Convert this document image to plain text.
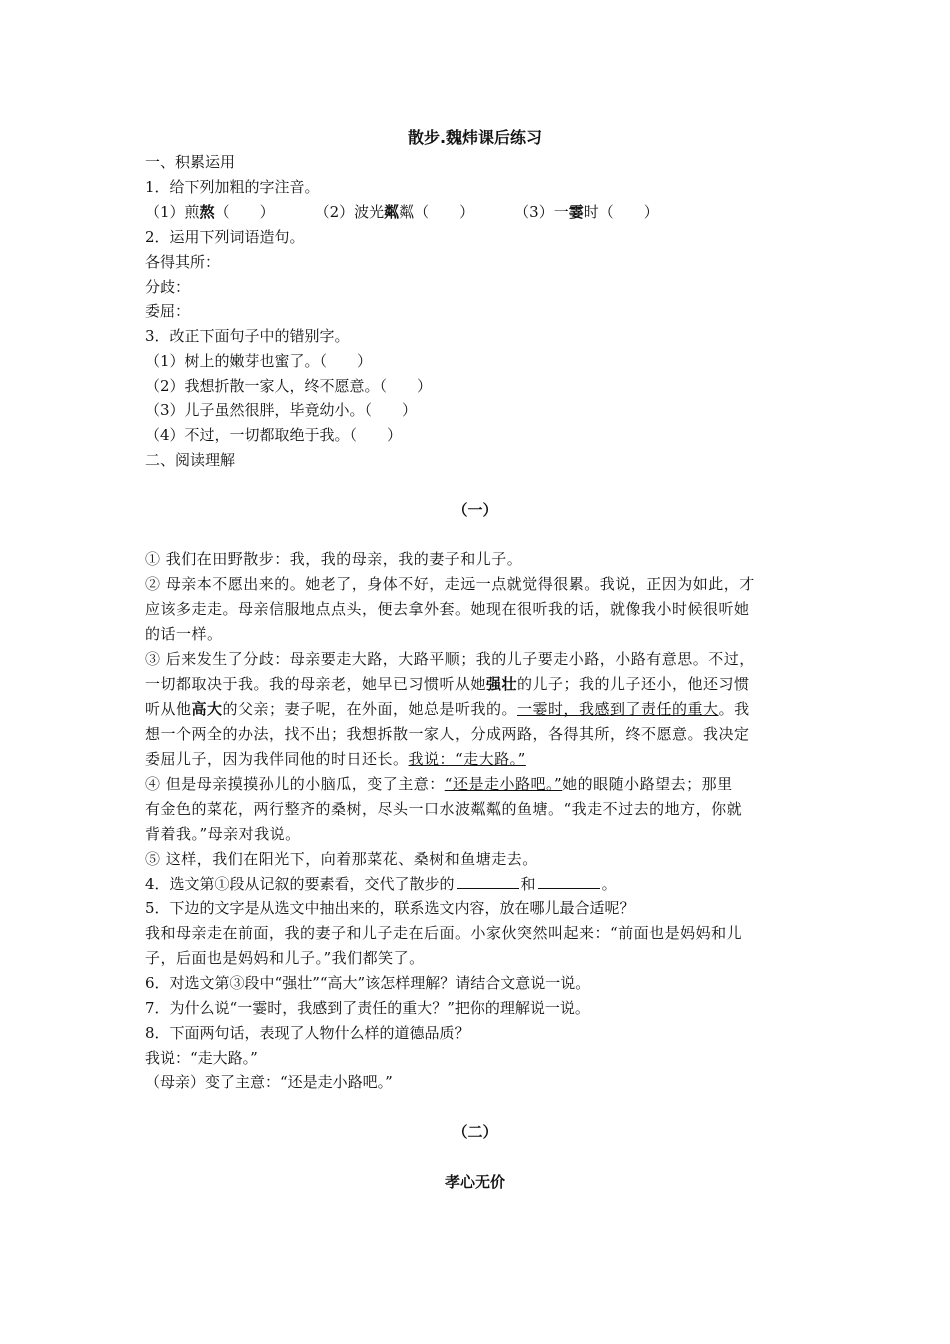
散步.魏炜课后练习
一、积累运用
1．给下列加粗的字注音。
（1）煎熬（　　）	（2）波光粼粼（　　）	（3）一霎时（　　）
2．运用下列词语造句。
各得其所：
分歧：
委屈：
3．改正下面句子中的错别字。
（1）树上的嫩芽也蜜了。（　　）
（2）我想折散一家人，终不愿意。（　　）
（3）儿子虽然很胖，毕竟幼小。（　　）
（4）不过，一切都取绝于我。（　　）
二、阅读理解
（一）
① 我们在田野散步：我，我的母亲，我的妻子和儿子。
② 母亲本不愿出来的。她老了，身体不好，走远一点就觉得很累。我说，正因为如此，才
应该多走走。母亲信服地点点头，便去拿外套。她现在很听我的话，就像我小时候很听她
的话一样。
③ 后来发生了分歧：母亲要走大路，大路平顺；我的儿子要走小路，小路有意思。不过，
一切都取决于我。我的母亲老，她早已习惯听从她强壮的儿子；我的儿子还小，他还习惯
听从他高大的父亲；妻子呢，在外面，她总是听我的。一霎时，我感到了责任的重大。我
想一个两全的办法，找不出；我想拆散一家人，分成两路，各得其所，终不愿意。我决定
委屈儿子，因为我伴同他的时日还长。我说：“走大路。”
④ 但是母亲摸摸孙儿的小脑瓜，变了主意：“还是走小路吧。”她的眼随小路望去；那里
有金色的菜花，两行整齐的桑树，尽头一口水波粼粼的鱼塘。“我走不过去的地方，你就
背着我。”母亲对我说。
⑤ 这样，我们在阳光下，向着那菜花、桑树和鱼塘走去。
4．选文第①段从记叙的要素看，交代了散步的	和	。
5．下边的文字是从选文中抽出来的，联系选文内容，放在哪儿最合适呢？
我和母亲走在前面，我的妻子和儿子走在后面。小家伙突然叫起来：“前面也是妈妈和儿
子，后面也是妈妈和儿子。”我们都笑了。
6．对选文第③段中“强壮”“高大”该怎样理解？请结合文意说一说。
7．为什么说“一霎时，我感到了责任的重大？”把你的理解说一说。
8．下面两句话，表现了人物什么样的道德品质？
我说：“走大路。”
（母亲）变了主意：“还是走小路吧。”
（二）
孝心无价
